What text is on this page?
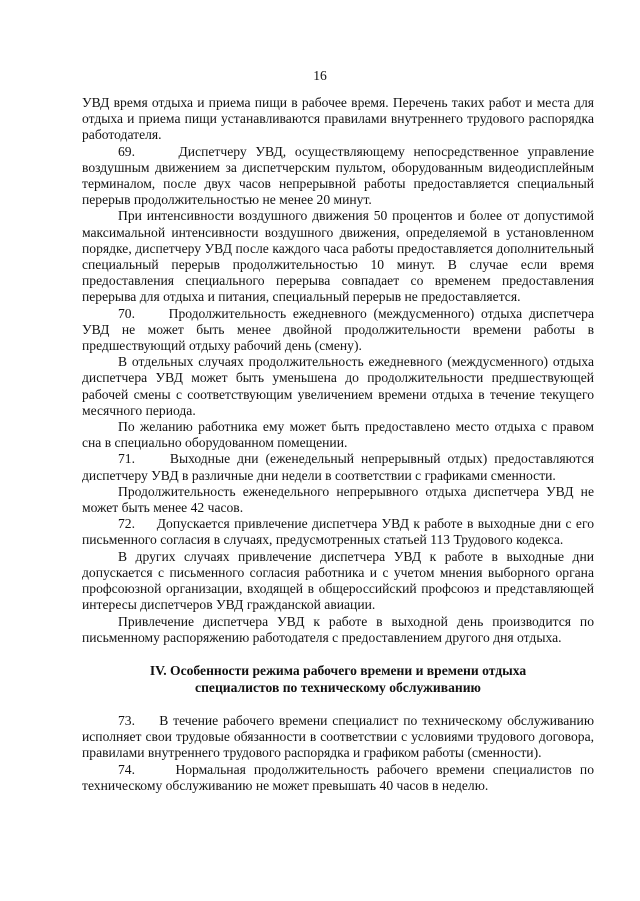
16

УВД время отдыха и приема пищи в рабочее время. Перечень таких работ и места для отдыха и приема пищи устанавливаются правилами внутреннего трудового распорядка работодателя.

69.     Диспетчеру УВД, осуществляющему непосредственное управление воздушным движением за диспетчерским пультом, оборудованным видеодисплейным терминалом, после двух часов непрерывной работы предоставляется специальный перерыв продолжительностью не менее 20 минут.

При интенсивности воздушного движения 50 процентов и более от допустимой максимальной интенсивности воздушного движения, определяемой в установленном порядке, диспетчеру УВД после каждого часа работы предоставляется дополнительный специальный перерыв продолжительностью 10 минут. В случае если время предоставления специального перерыва совпадает со временем предоставления перерыва для отдыха и питания, специальный перерыв не предоставляется.

70.     Продолжительность ежедневного (междусменного) отдыха диспетчера УВД не может быть менее двойной продолжительности времени работы в предшествующий отдыху рабочий день (смену).

В отдельных случаях продолжительность ежедневного (междусменного) отдыха диспетчера УВД может быть уменьшена до продолжительности предшествующей рабочей смены с соответствующим увеличением времени отдыха в течение текущего месячного периода.

По желанию работника ему может быть предоставлено место отдыха с правом сна в специально оборудованном помещении.

71.     Выходные дни (еженедельный непрерывный отдых) предоставляются диспетчеру УВД в различные дни недели в соответствии с графиками сменности.

Продолжительность еженедельного непрерывного отдыха диспетчера УВД не может быть менее 42 часов.

72.     Допускается привлечение диспетчера УВД к работе в выходные дни с его письменного согласия в случаях, предусмотренных статьей 113 Трудового кодекса.

В других случаях привлечение диспетчера УВД к работе в выходные дни допускается с письменного согласия работника и с учетом мнения выборного органа профсоюзной организации, входящей в общероссийский профсоюз и представляющей интересы диспетчеров УВД гражданской авиации.

Привлечение диспетчера УВД к работе в выходной день производится по письменному распоряжению работодателя с предоставлением другого дня отдыха.

IV. Особенности режима рабочего времени и времени отдыха
специалистов по техническому обслуживанию

73.     В течение рабочего времени специалист по техническому обслуживанию исполняет свои трудовые обязанности в соответствии с условиями трудового договора, правилами внутреннего трудового распорядка и графиком работы (сменности).

74.     Нормальная продолжительность рабочего времени специалистов по техническому обслуживанию не может превышать 40 часов в неделю.
